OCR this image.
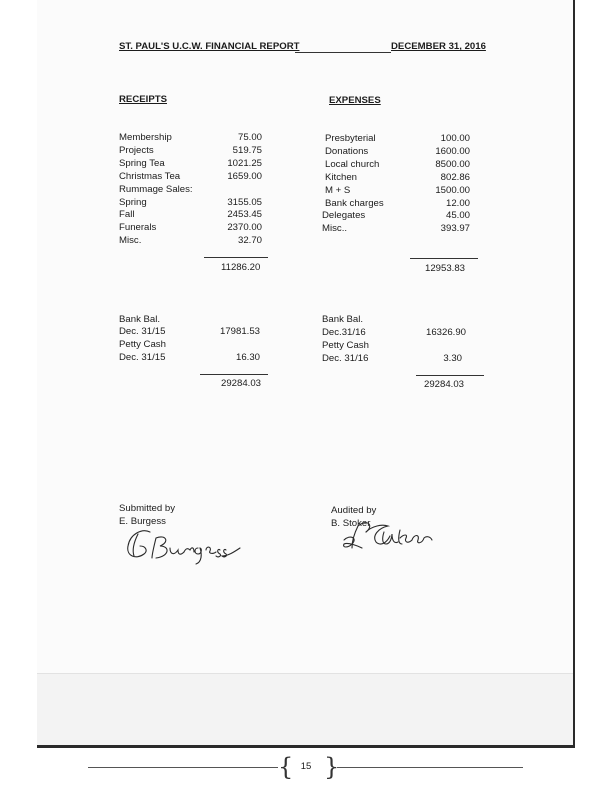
ST. PAUL'S U.C.W. FINANCIAL REPORT	DECEMBER 31, 2016
RECEIPTS	EXPENSES
Membership	75.00
Projects	519.75
Spring Tea	1021.25
Christmas Tea	1659.00
Rummage Sales:
Spring	3155.05
Fall	2453.45
Funerals	2370.00
Misc.	32.70
11286.20
Presbyterial	100.00
Donations	1600.00
Local church	8500.00
Kitchen	802.86
M + S	1500.00
Bank charges	12.00
Delegates	45.00
Misc..	393.97
12953.83
Bank Bal.
Dec. 31/15	17981.53
Petty Cash
Dec. 31/15	16.30
29284.03
Bank Bal.
Dec.31/16	16326.90
Petty Cash
Dec. 31/16	3.30
29284.03
Submitted by
E. Burgess
Audited by
B. Stoker
{ 15 }
